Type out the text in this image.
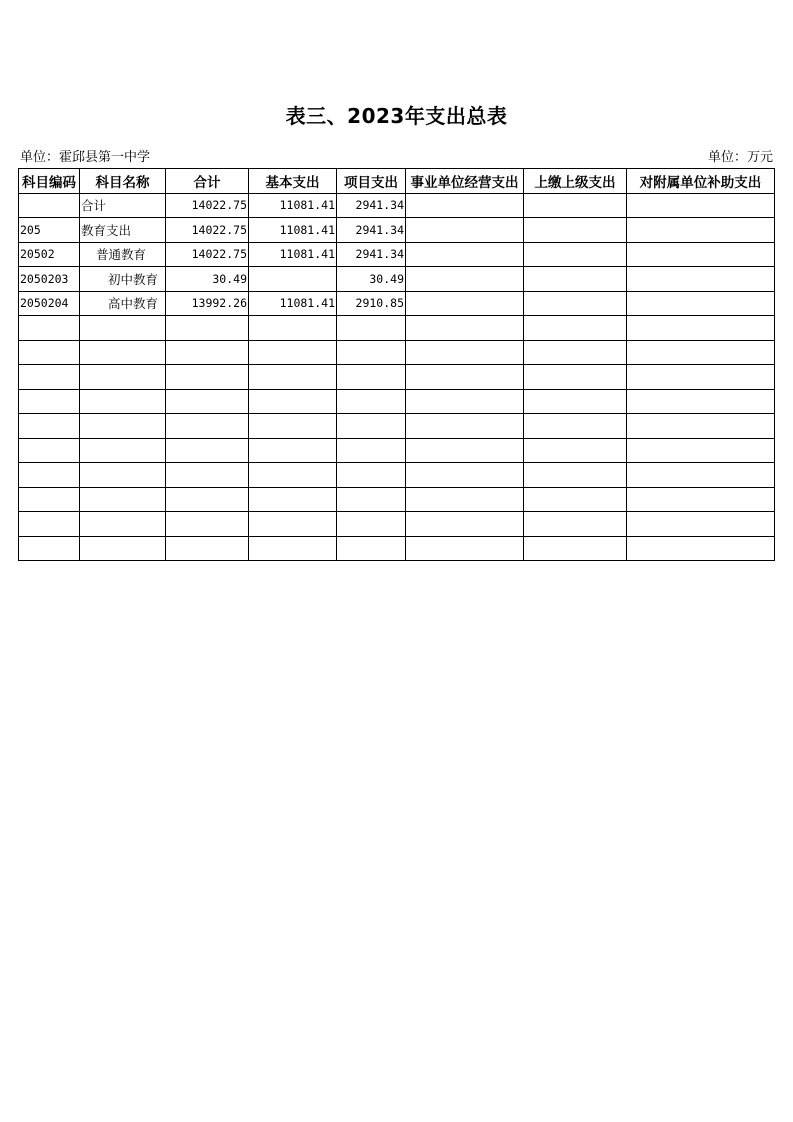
表三、2023年支出总表
单位：霍邱县第一中学	单位：万元
科目编码	科目名称	合计	基本支出	项目支出	事业单位经营支出	上缴上级支出	对附属单位补助支出
	合计	14022.75	11081.41	2941.34			
205	教育支出	14022.75	11081.41	2941.34			
20502	普通教育	14022.75	11081.41	2941.34			
2050203	初中教育	30.49		30.49			
2050204	高中教育	13992.26	11081.41	2910.85			
